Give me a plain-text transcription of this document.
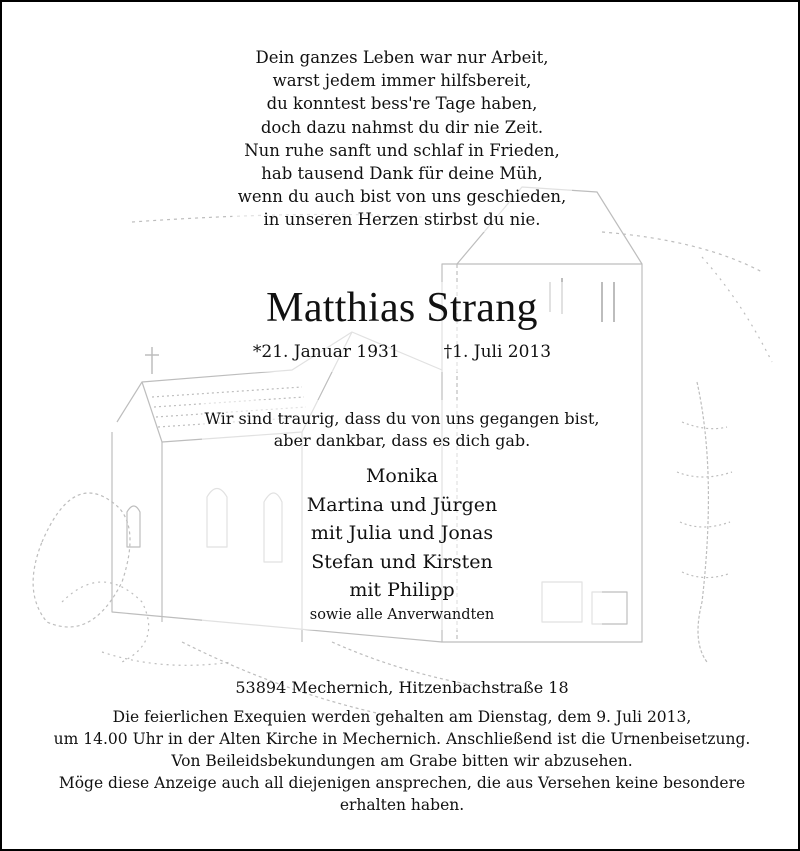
Dein ganzes Leben war nur Arbeit,
warst jedem immer hilfsbereit,
du konntest bess're Tage haben,
doch dazu nahmst du dir nie Zeit.
Nun ruhe sanft und schlaf in Frieden,
hab tausend Dank für deine Müh,
wenn du auch bist von uns geschieden,
in unseren Herzen stirbst du nie.
Matthias Strang
*21. Januar 1931	†1. Juli 2013
Wir sind traurig, dass du von uns gegangen bist,
aber dankbar, dass es dich gab.
Monika
Martina und Jürgen
mit Julia und Jonas
Stefan und Kirsten
mit Philipp
sowie alle Anverwandten
53894 Mechernich, Hitzenbachstraße 18
Die feierlichen Exequien werden gehalten am Dienstag, dem 9. Juli 2013,
um 14.00 Uhr in der Alten Kirche in Mechernich. Anschließend ist die Urnenbeisetzung.
Von Beileidsbekundungen am Grabe bitten wir abzusehen.
Möge diese Anzeige auch all diejenigen ansprechen, die aus Versehen keine besondere
erhalten haben.
